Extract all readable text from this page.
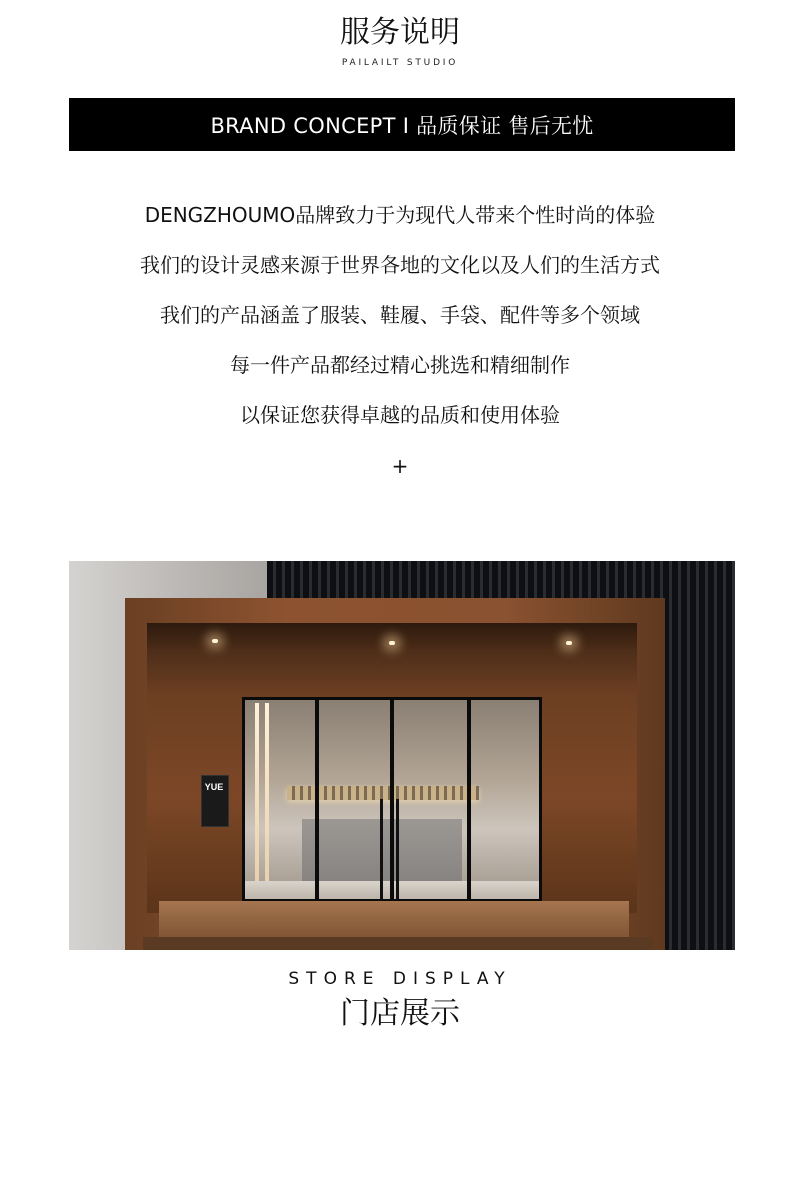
服务说明
PAILAILT STUDIO
BRAND CONCEPT I 品质保证 售后无忧
DENGZHOUMO品牌致力于为现代人带来个性时尚的体验
我们的设计灵感来源于世界各地的文化以及人们的生活方式
我们的产品涵盖了服装、鞋履、手袋、配件等多个领域
每一件产品都经过精心挑选和精细制作
以保证您获得卓越的品质和使用体验
+
YUE
STORE DISPLAY
门店展示
